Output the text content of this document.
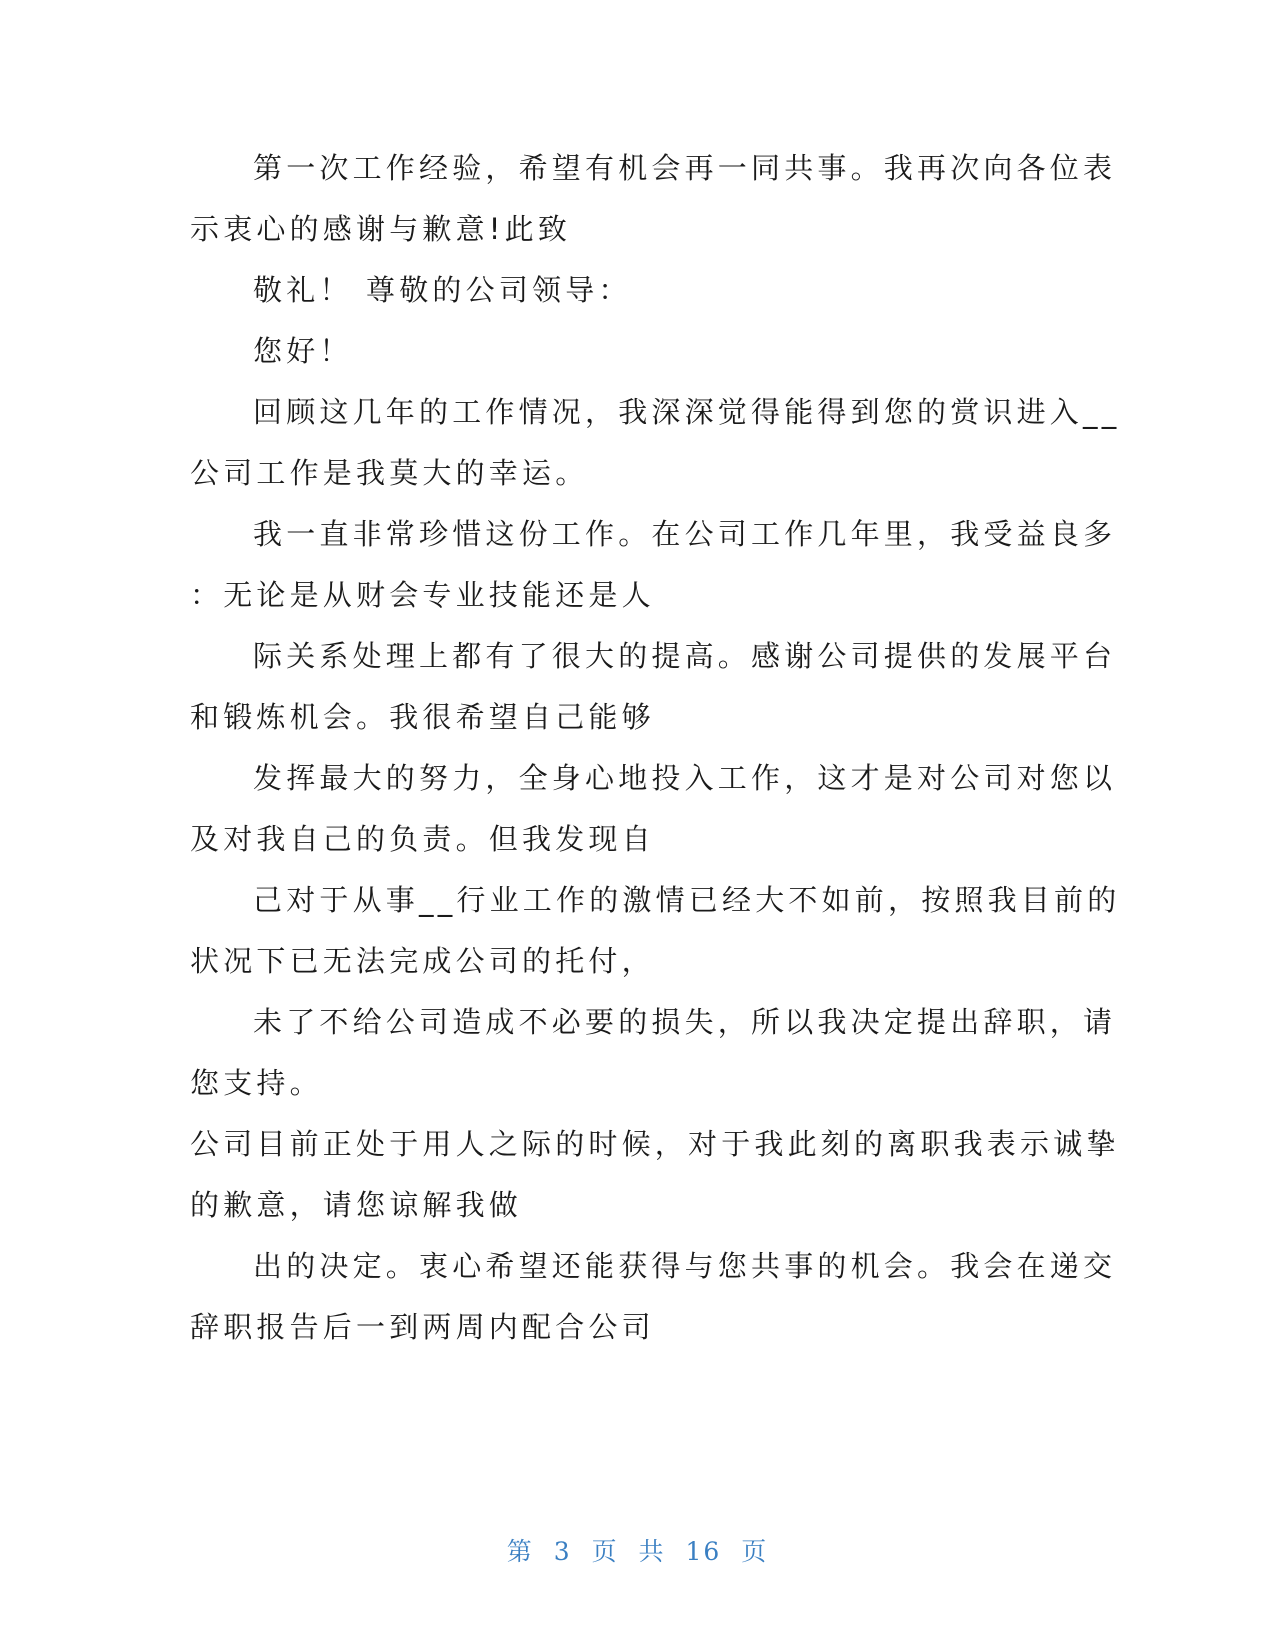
第一次工作经验，希望有机会再一同共事。我再次向各位表
示衷心的感谢与歉意!此致
敬礼！ 尊敬的公司领导：
您好！
回顾这几年的工作情况，我深深觉得能得到您的赏识进入__
公司工作是我莫大的幸运。
我一直非常珍惜这份工作。在公司工作几年里，我受益良多
：无论是从财会专业技能还是人
际关系处理上都有了很大的提高。感谢公司提供的发展平台
和锻炼机会。我很希望自己能够
发挥最大的努力，全身心地投入工作，这才是对公司对您以
及对我自己的负责。但我发现自
己对于从事__行业工作的激情已经大不如前，按照我目前的
状况下已无法完成公司的托付，
未了不给公司造成不必要的损失，所以我决定提出辞职，请
您支持。
公司目前正处于用人之际的时候，对于我此刻的离职我表示诚挚
的歉意，请您谅解我做
出的决定。衷心希望还能获得与您共事的机会。我会在递交
辞职报告后一到两周内配合公司
第 3 页 共 16 页
